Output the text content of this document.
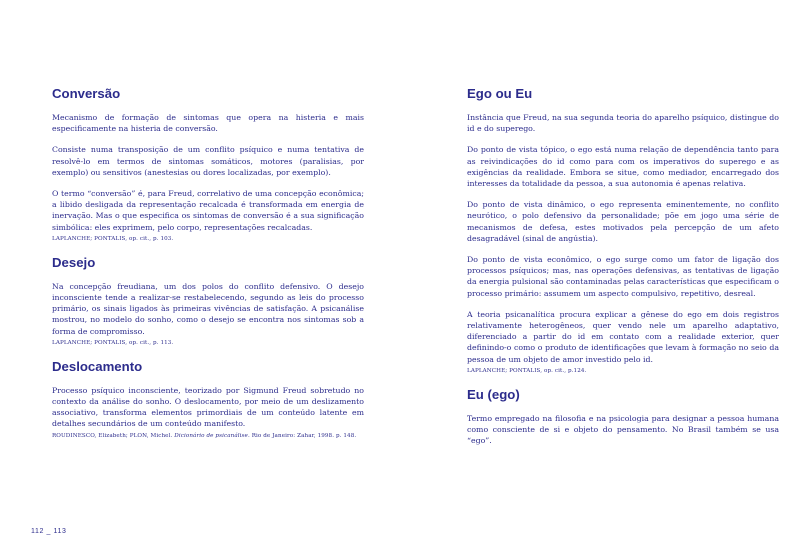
Conversão

Mecanismo de formação de sintomas que opera na histeria e mais especificamente na histeria de conversão.

Consiste numa transposição de um conflito psíquico e numa tentativa de resolvê-lo em termos de sintomas somáticos, motores (paralisias, por exemplo) ou sensitivos (anestesias ou dores localizadas, por exemplo).

O termo “conversão” é, para Freud, correlativo de uma concepção econômica; a libido desligada da representação recalcada é transformada em energia de inervação. Mas o que especifica os sintomas de conversão é a sua significação simbólica: eles exprimem, pelo corpo, representações recalcadas.

LAPLANCHE; PONTALIS, op. cit., p. 103.

Desejo

Na concepção freudiana, um dos polos do conflito defensivo. O desejo inconsciente tende a realizar-se restabelecendo, segundo as leis do processo primário, os sinais ligados às primeiras vivências de satisfação. A psicanálise mostrou, no modelo do sonho, como o desejo se encontra nos sintomas sob a forma de compromisso.

LAPLANCHE; PONTALIS, op. cit., p. 113.

Deslocamento

Processo psíquico inconsciente, teorizado por Sigmund Freud sobretudo no contexto da análise do sonho. O deslocamento, por meio de um deslizamento associativo, transforma elementos primordiais de um conteúdo latente em detalhes secundários de um conteúdo manifesto.

ROUDINESCO, Elizabeth; PLON, Michel. Dicionário de psicanálise. Rio de Janeiro: Zahar, 1998. p. 148.

Ego ou Eu

Instância que Freud, na sua segunda teoria do aparelho psíquico, distingue do id e do superego.

Do ponto de vista tópico, o ego está numa relação de dependência tanto para as reivindicações do id como para com os imperativos do superego e as exigências da realidade. Embora se situe, como mediador, encarregado dos interesses da totalidade da pessoa, a sua autonomia é apenas relativa.

Do ponto de vista dinâmico, o ego representa eminentemente, no conflito neurótico, o polo defensivo da personalidade; põe em jogo uma série de mecanismos de defesa, estes motivados pela percepção de um afeto desagradável (sinal de angústia).

Do ponto de vista econômico, o ego surge como um fator de ligação dos processos psíquicos; mas, nas operações defensivas, as tentativas de ligação da energia pulsional são contaminadas pelas características que especificam o processo primário: assumem um aspecto compulsivo, repetitivo, desreal.

A teoria psicanalítica procura explicar a gênese do ego em dois registros relativamente heterogêneos, quer vendo nele um aparelho adaptativo, diferenciado a partir do id em contato com a realidade exterior, quer definindo-o como o produto de identificações que levam à formação no seio da pessoa de um objeto de amor investido pelo id.

LAPLANCHE; PONTALIS, op. cit., p.124.

Eu (ego)

Termo empregado na filosofia e na psicologia para designar a pessoa humana como consciente de si e objeto do pensamento. No Brasil também se usa “ego”.

112 _ 113
